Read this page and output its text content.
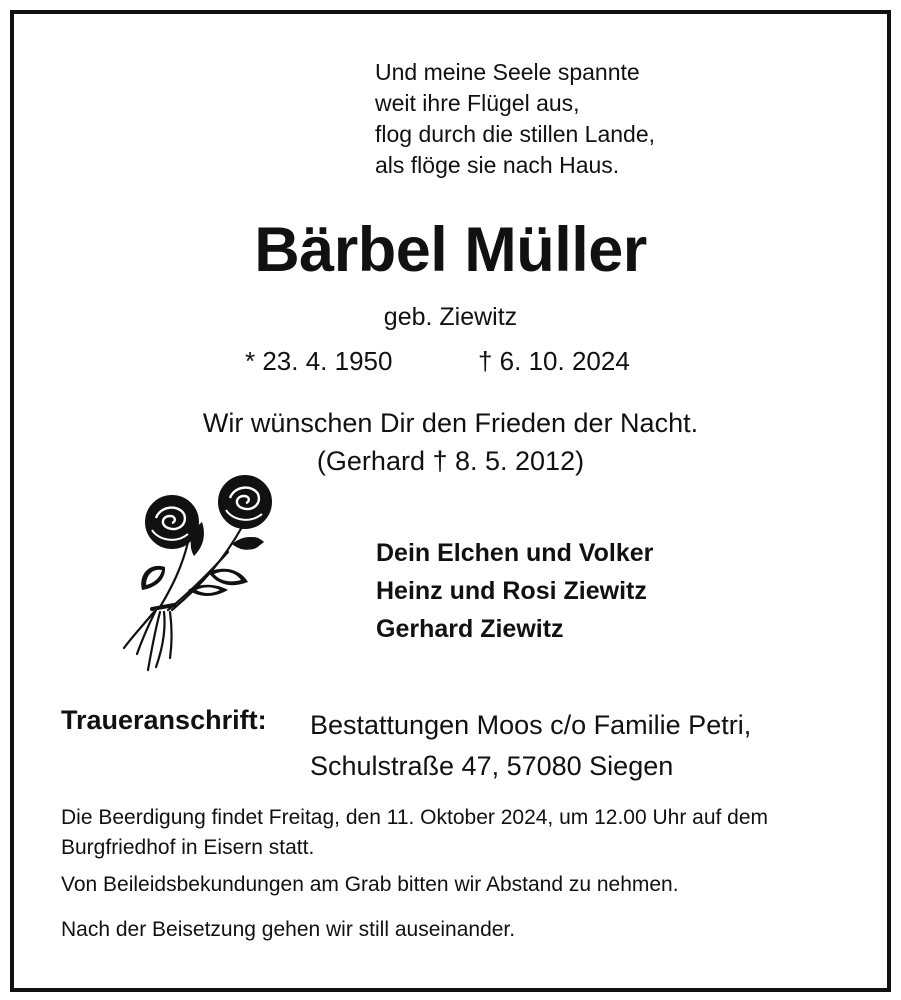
Und meine Seele spannte
weit ihre Flügel aus,
flog durch die stillen Lande,
als flöge sie nach Haus.
Bärbel Müller
geb. Ziewitz
* 23. 4. 1950	† 6. 10. 2024
Wir wünschen Dir den Frieden der Nacht.
(Gerhard † 8. 5. 2012)
Dein Elchen und Volker
Heinz und Rosi Ziewitz
Gerhard Ziewitz
Traueranschrift: Bestattungen Moos c/o Familie Petri,
Schulstraße 47, 57080 Siegen

Die Beerdigung findet Freitag, den 11. Oktober 2024, um 12.00 Uhr auf dem Burgfriedhof in Eisern statt.

Von Beileidsbekundungen am Grab bitten wir Abstand zu nehmen.
Nach der Beisetzung gehen wir still auseinander.
